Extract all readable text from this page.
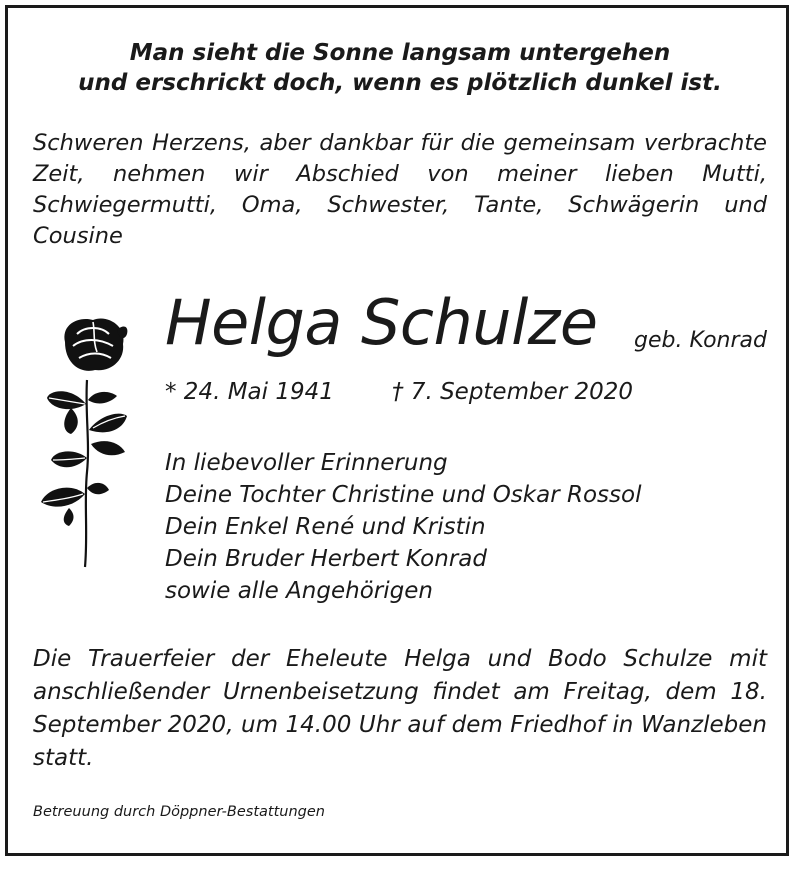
Man sieht die Sonne langsam untergehen
und erschrickt doch, wenn es plötzlich dunkel ist.
Schweren Herzens, aber dankbar für die gemeinsam verbrachte Zeit, nehmen wir Abschied von meiner lieben Mutti, Schwiegermutti, Oma, Schwester, Tante, Schwägerin und Cousine
Helga Schulze geb. Konrad
* 24. Mai 1941	† 7. September 2020
In liebevoller Erinnerung
Deine Tochter Christine und Oskar Rossol
Dein Enkel René und Kristin
Dein Bruder Herbert Konrad
sowie alle Angehörigen
Die Trauerfeier der Eheleute Helga und Bodo Schulze mit anschließender Urnenbeisetzung findet am Freitag, dem 18. September 2020, um 14.00 Uhr auf dem Friedhof in Wanzleben statt.
Betreuung durch Döppner-Bestattungen
